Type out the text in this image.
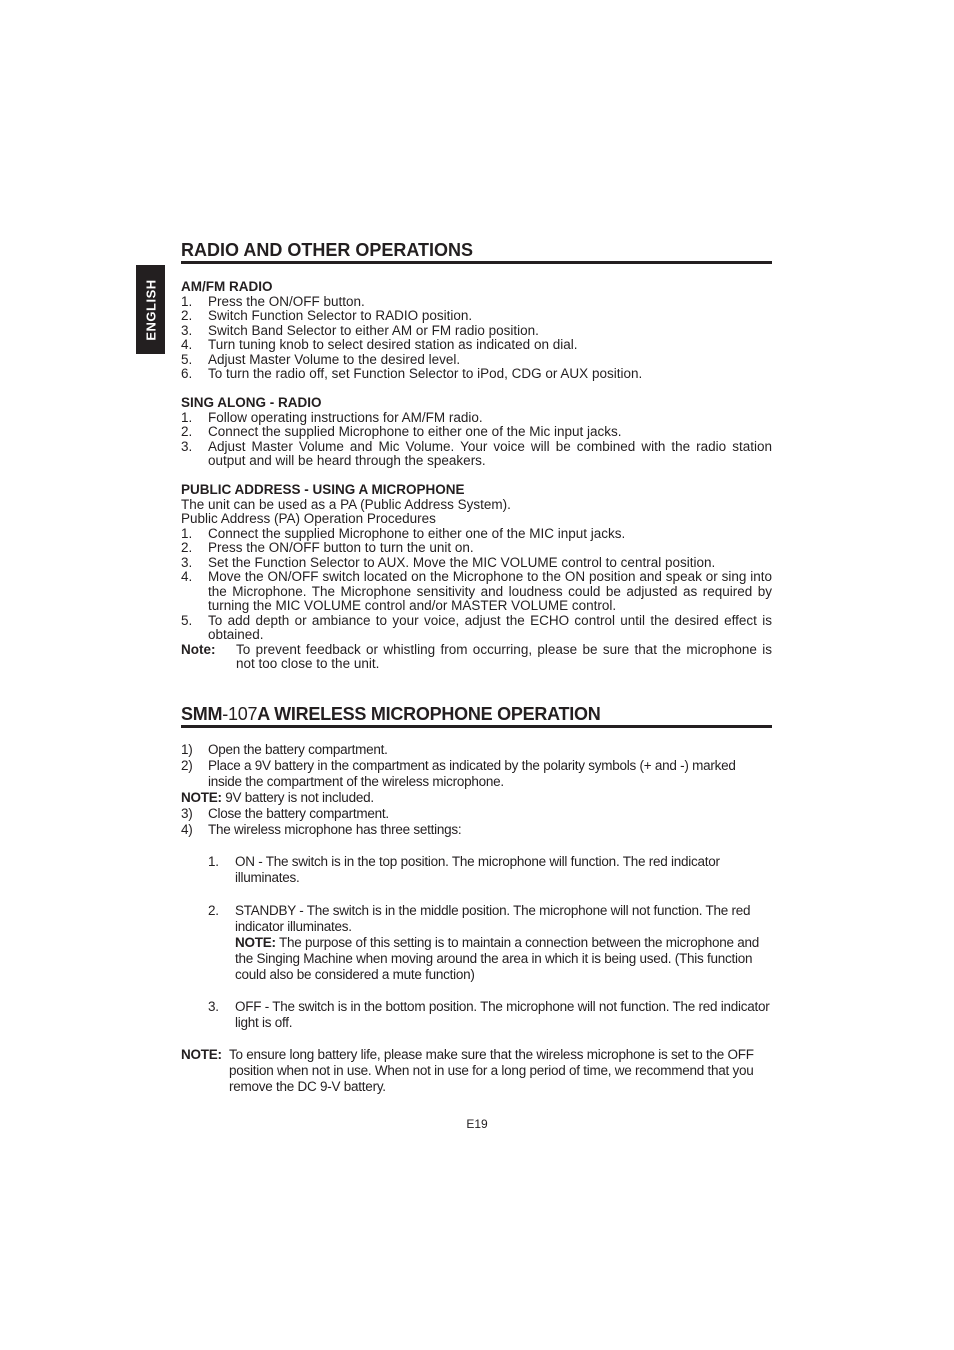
ENGLISH
RADIO AND OTHER OPERATIONS

AM/FM RADIO

1.	Press the ON/OFF button.
2.	Switch Function Selector to RADIO position.
3.	Switch Band Selector to either AM or FM radio position.
4.	Turn tuning knob to select desired station as indicated on dial.
5.	Adjust Master Volume to the desired level.
6.	To turn the radio off, set Function Selector to iPod, CDG or AUX position.

SING ALONG - RADIO

1.	Follow operating instructions for AM/FM radio.
2.	Connect the supplied Microphone to either one of the Mic input jacks.
3.	Adjust Master Volume and Mic Volume. Your voice will be combined with the radio station output and will be heard through the speakers.

PUBLIC ADDRESS - USING A MICROPHONE

The unit can be used as a PA (Public Address System).

Public Address (PA) Operation Procedures

1.	Connect the supplied Microphone to either one of the MIC input jacks.
2.	Press the ON/OFF button to turn the unit on.
3.	Set the Function Selector to AUX. Move the MIC VOLUME control to central position.
4.	Move the ON/OFF switch located on the Microphone to the ON position and speak or sing into the Microphone. The Microphone sensitivity and loudness could be adjusted as required by turning the MIC VOLUME control and/or MASTER VOLUME control.
5.	To add depth or ambiance to your voice, adjust the ECHO control until the desired effect is obtained.
Note:	To prevent feedback or whistling from occurring, please be sure that the microphone is not too close to the unit.
SMM-107A WIRELESS MICROPHONE OPERATION
1)	Open the battery compartment.
2)	Place a 9V battery in the compartment as indicated by the polarity symbols (+ and -) marked inside the compartment of the wireless microphone.

NOTE: 9V battery is not included.

3)	Close the battery compartment.
4)	The wireless microphone has three settings:
1.	ON - The switch is in the top position. The microphone will function. The red indicator illuminates.
2.	STANDBY - The switch is in the middle position. The microphone will not function. The red indicator illuminates.
NOTE: The purpose of this setting is to maintain a connection between the microphone and the Singing Machine when moving around the area in which it is being used. (This function could also be considered a mute function)
3.	OFF - The switch is in the bottom position. The microphone will not function. The red indicator light is off.
NOTE: To ensure long battery life, please make sure that the wireless microphone is set to the OFF position when not in use. When not in use for a long period of time, we recommend that you remove the DC 9-V battery.
E19
